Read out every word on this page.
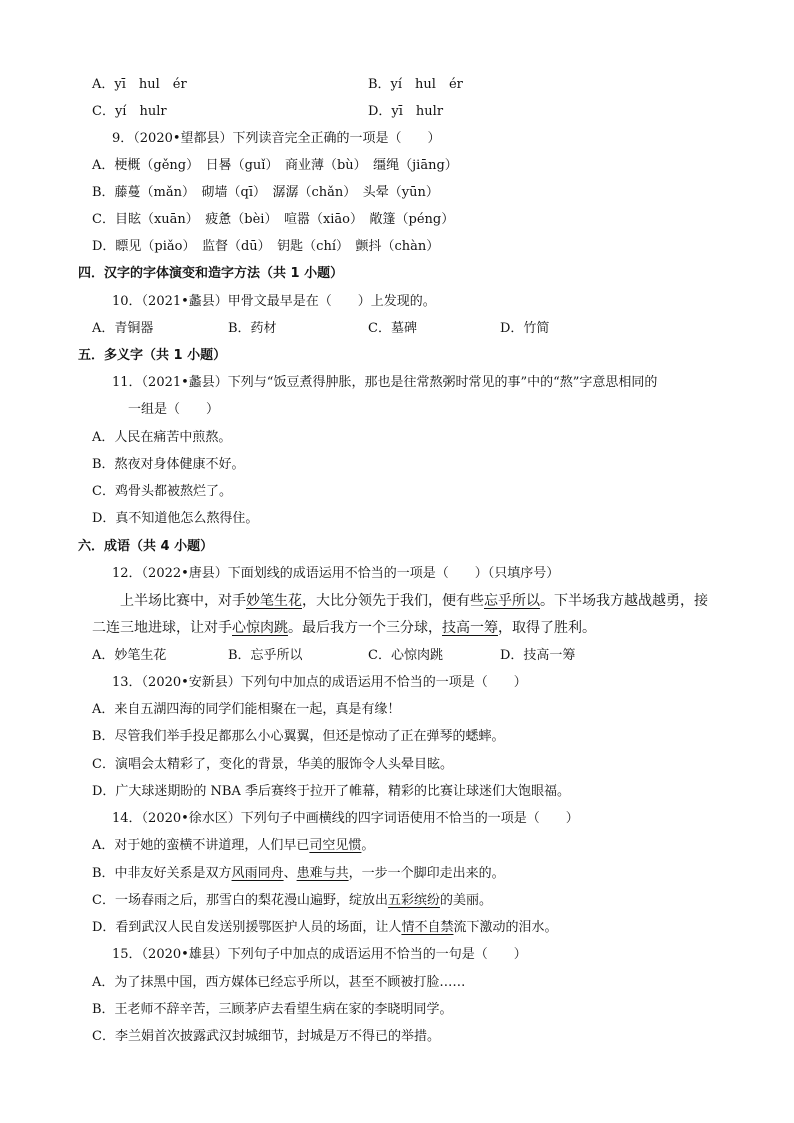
A．yī　hul　ér	B．yí　hul　ér
C．yí　hulr	D．yī　hulr
9．（2020•望都县）下列读音完全正确的一项是（　　）
A．梗概（gěng）　日晷（guǐ）　商业薄（bù）　缰绳（jiāng）
B．藤蔓（mǎn）　砌墙（qī）　潺潺（chǎn）　头晕（yūn）
C．目眩（xuān）　疲惫（bèi）　喧嚣（xiāo）　敞篷（péng）
D．瞟见（piǎo）　监督（dū）　钥匙（chí）　颤抖（chàn）
四．汉字的字体演变和造字方法（共 1 小题）
10．（2021•蠡县）甲骨文最早是在（　　）上发现的。
A．青铜器	B．药材	C．墓碑	D．竹简
五．多义字（共 1 小题）
11．（2021•蠡县）下列与“饭豆煮得肿胀，那也是往常熬粥时常见的事”中的“熬”字意思相同的
一组是（　　）
A．人民在痛苦中煎熬。
B．熬夜对身体健康不好。
C．鸡骨头都被熬烂了。
D．真不知道他怎么熬得住。
六．成语（共 4 小题）
12．（2022•唐县）下面划线的成语运用不恰当的一项是（　　）（只填序号）
　　上半场比赛中，对手妙笔生花，大比分领先于我们，便有些忘乎所以。下半场我方越战越勇，接
二连三地进球，让对手心惊肉跳。最后我方一个三分球，技高一筹，取得了胜利。
A．妙笔生花	B．忘乎所以	C．心惊肉跳	D．技高一筹
13．（2020•安新县）下列句中加点的成语运用不恰当的一项是（　　）
A．来自五湖四海的同学们能相聚在一起，真是有缘！
B．尽管我们举手投足都那么小心翼翼，但还是惊动了正在弹琴的蟋蟀。
C．演唱会太精彩了，变化的背景，华美的服饰令人头晕目眩。
D．广大球迷期盼的 NBA 季后赛终于拉开了帷幕，精彩的比赛让球迷们大饱眼福。
14．（2020•徐水区）下列句子中画横线的四字词语使用不恰当的一项是（　　）
A．对于她的蛮横不讲道理，人们早已司空见惯。
B．中非友好关系是双方风雨同舟、患难与共，一步一个脚印走出来的。
C．一场春雨之后，那雪白的梨花漫山遍野，绽放出五彩缤纷的美丽。
D．看到武汉人民自发送别援鄂医护人员的场面，让人情不自禁流下激动的泪水。
15．（2020•雄县）下列句子中加点的成语运用不恰当的一句是（　　）
A．为了抹黑中国，西方媒体已经忘乎所以，甚至不顾被打脸……
B．王老师不辞辛苦，三顾茅庐去看望生病在家的李晓明同学。
C．李兰娟首次披露武汉封城细节，封城是万不得已的举措。
